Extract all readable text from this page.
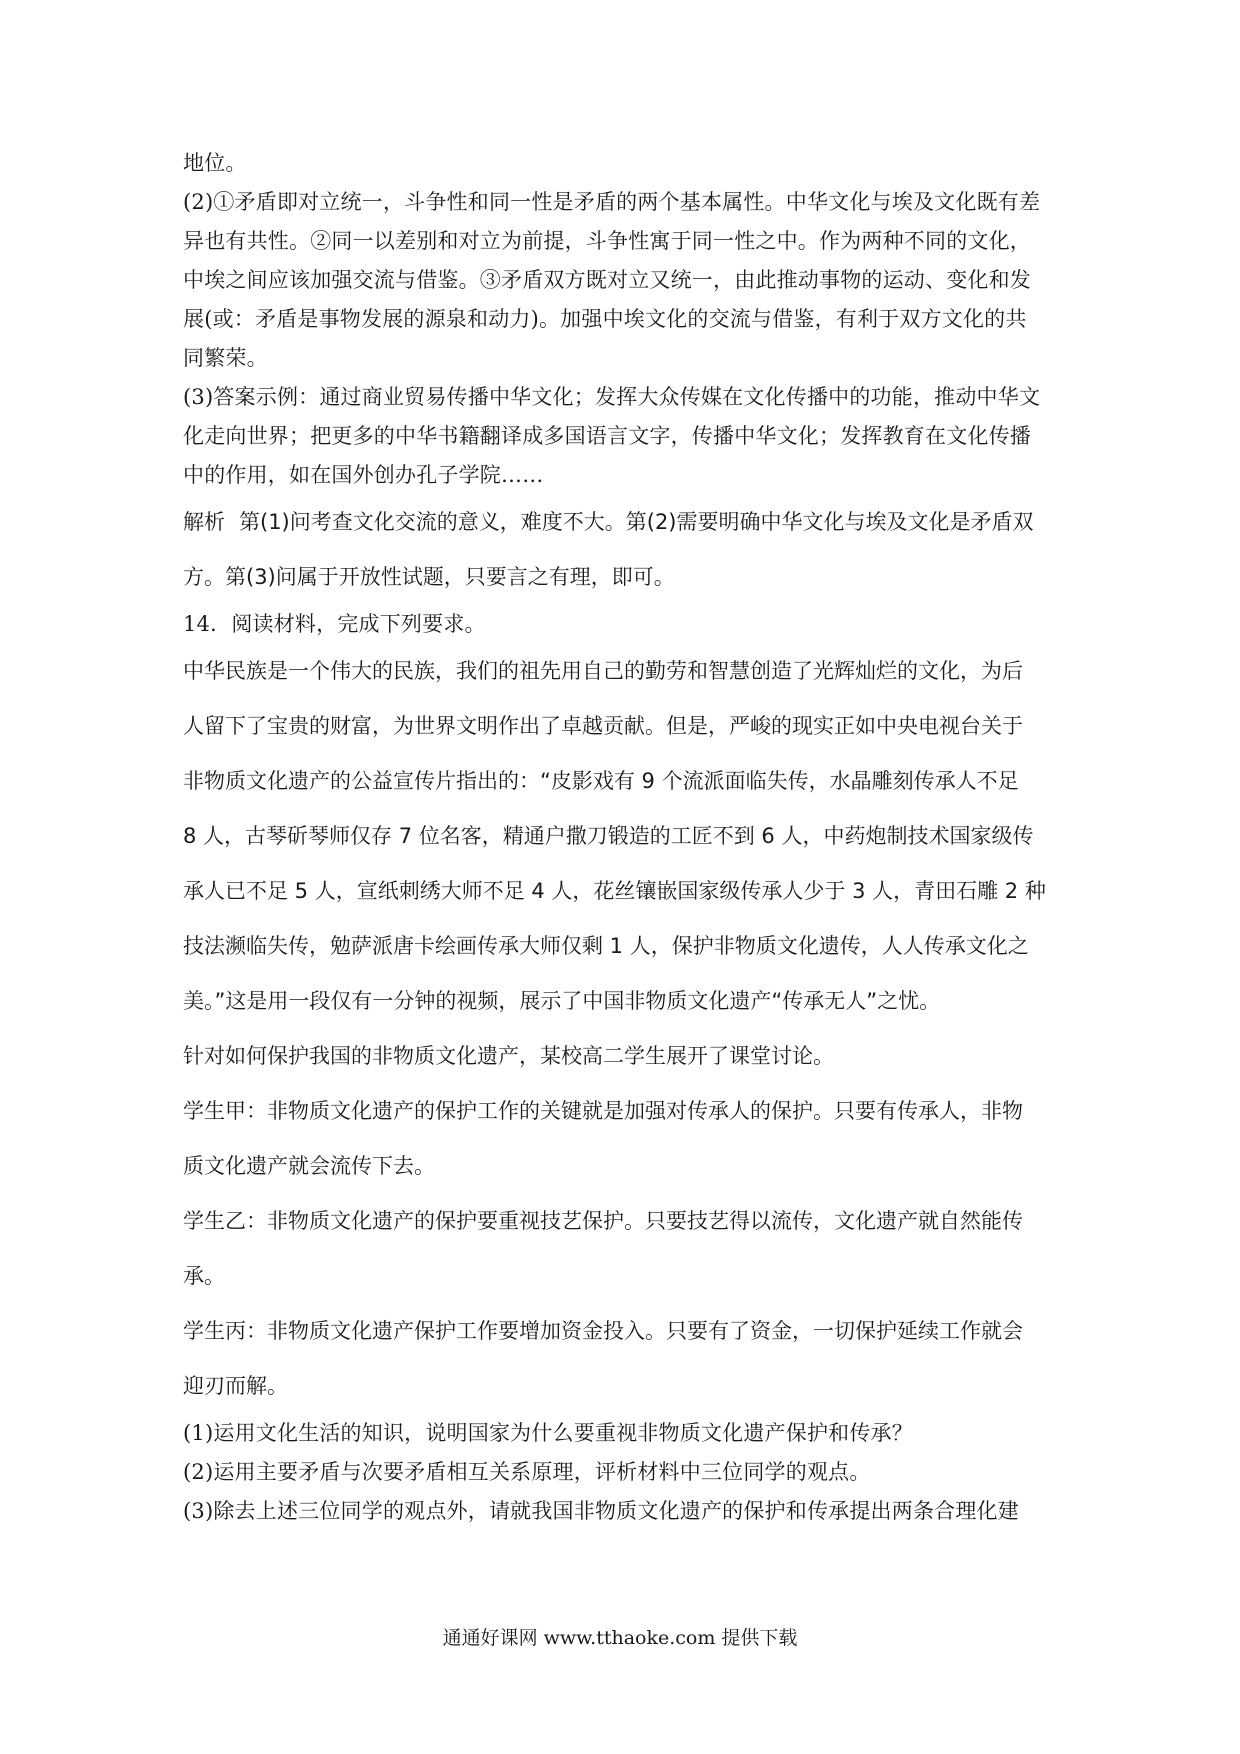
地位。

(2)①矛盾即对立统一，斗争性和同一性是矛盾的两个基本属性。中华文化与埃及文化既有差

异也有共性。②同一以差别和对立为前提，斗争性寓于同一性之中。作为两种不同的文化，

中埃之间应该加强交流与借鉴。③矛盾双方既对立又统一，由此推动事物的运动、变化和发

展(或：矛盾是事物发展的源泉和动力)。加强中埃文化的交流与借鉴，有利于双方文化的共

同繁荣。

(3)答案示例：通过商业贸易传播中华文化；发挥大众传媒在文化传播中的功能，推动中华文

化走向世界；把更多的中华书籍翻译成多国语言文字，传播中华文化；发挥教育在文化传播

中的作用，如在国外创办孔子学院……

解析 第(1)问考查文化交流的意义，难度不大。第(2)需要明确中华文化与埃及文化是矛盾双

方。第(3)问属于开放性试题，只要言之有理，即可。

14．阅读材料，完成下列要求。

中华民族是一个伟大的民族，我们的祖先用自己的勤劳和智慧创造了光辉灿烂的文化，为后

人留下了宝贵的财富，为世界文明作出了卓越贡献。但是，严峻的现实正如中央电视台关于

非物质文化遗产的公益宣传片指出的：“皮影戏有 9 个流派面临失传，水晶雕刻传承人不足

8 人，古琴斫琴师仅存 7 位名客，精通户撒刀锻造的工匠不到 6 人，中药炮制技术国家级传

承人已不足 5 人，宣纸刺绣大师不足 4 人，花丝镶嵌国家级传承人少于 3 人，青田石雕 2 种

技法濒临失传，勉萨派唐卡绘画传承大师仅剩 1 人，保护非物质文化遗传，人人传承文化之

美。”这是用一段仅有一分钟的视频，展示了中国非物质文化遗产“传承无人”之忧。

针对如何保护我国的非物质文化遗产，某校高二学生展开了课堂讨论。

学生甲：非物质文化遗产的保护工作的关键就是加强对传承人的保护。只要有传承人，非物

质文化遗产就会流传下去。

学生乙：非物质文化遗产的保护要重视技艺保护。只要技艺得以流传，文化遗产就自然能传

承。

学生丙：非物质文化遗产保护工作要增加资金投入。只要有了资金，一切保护延续工作就会

迎刃而解。

(1)运用文化生活的知识，说明国家为什么要重视非物质文化遗产保护和传承？

(2)运用主要矛盾与次要矛盾相互关系原理，评析材料中三位同学的观点。

(3)除去上述三位同学的观点外，请就我国非物质文化遗产的保护和传承提出两条合理化建

通通好课网 www.tthaoke.com 提供下载
